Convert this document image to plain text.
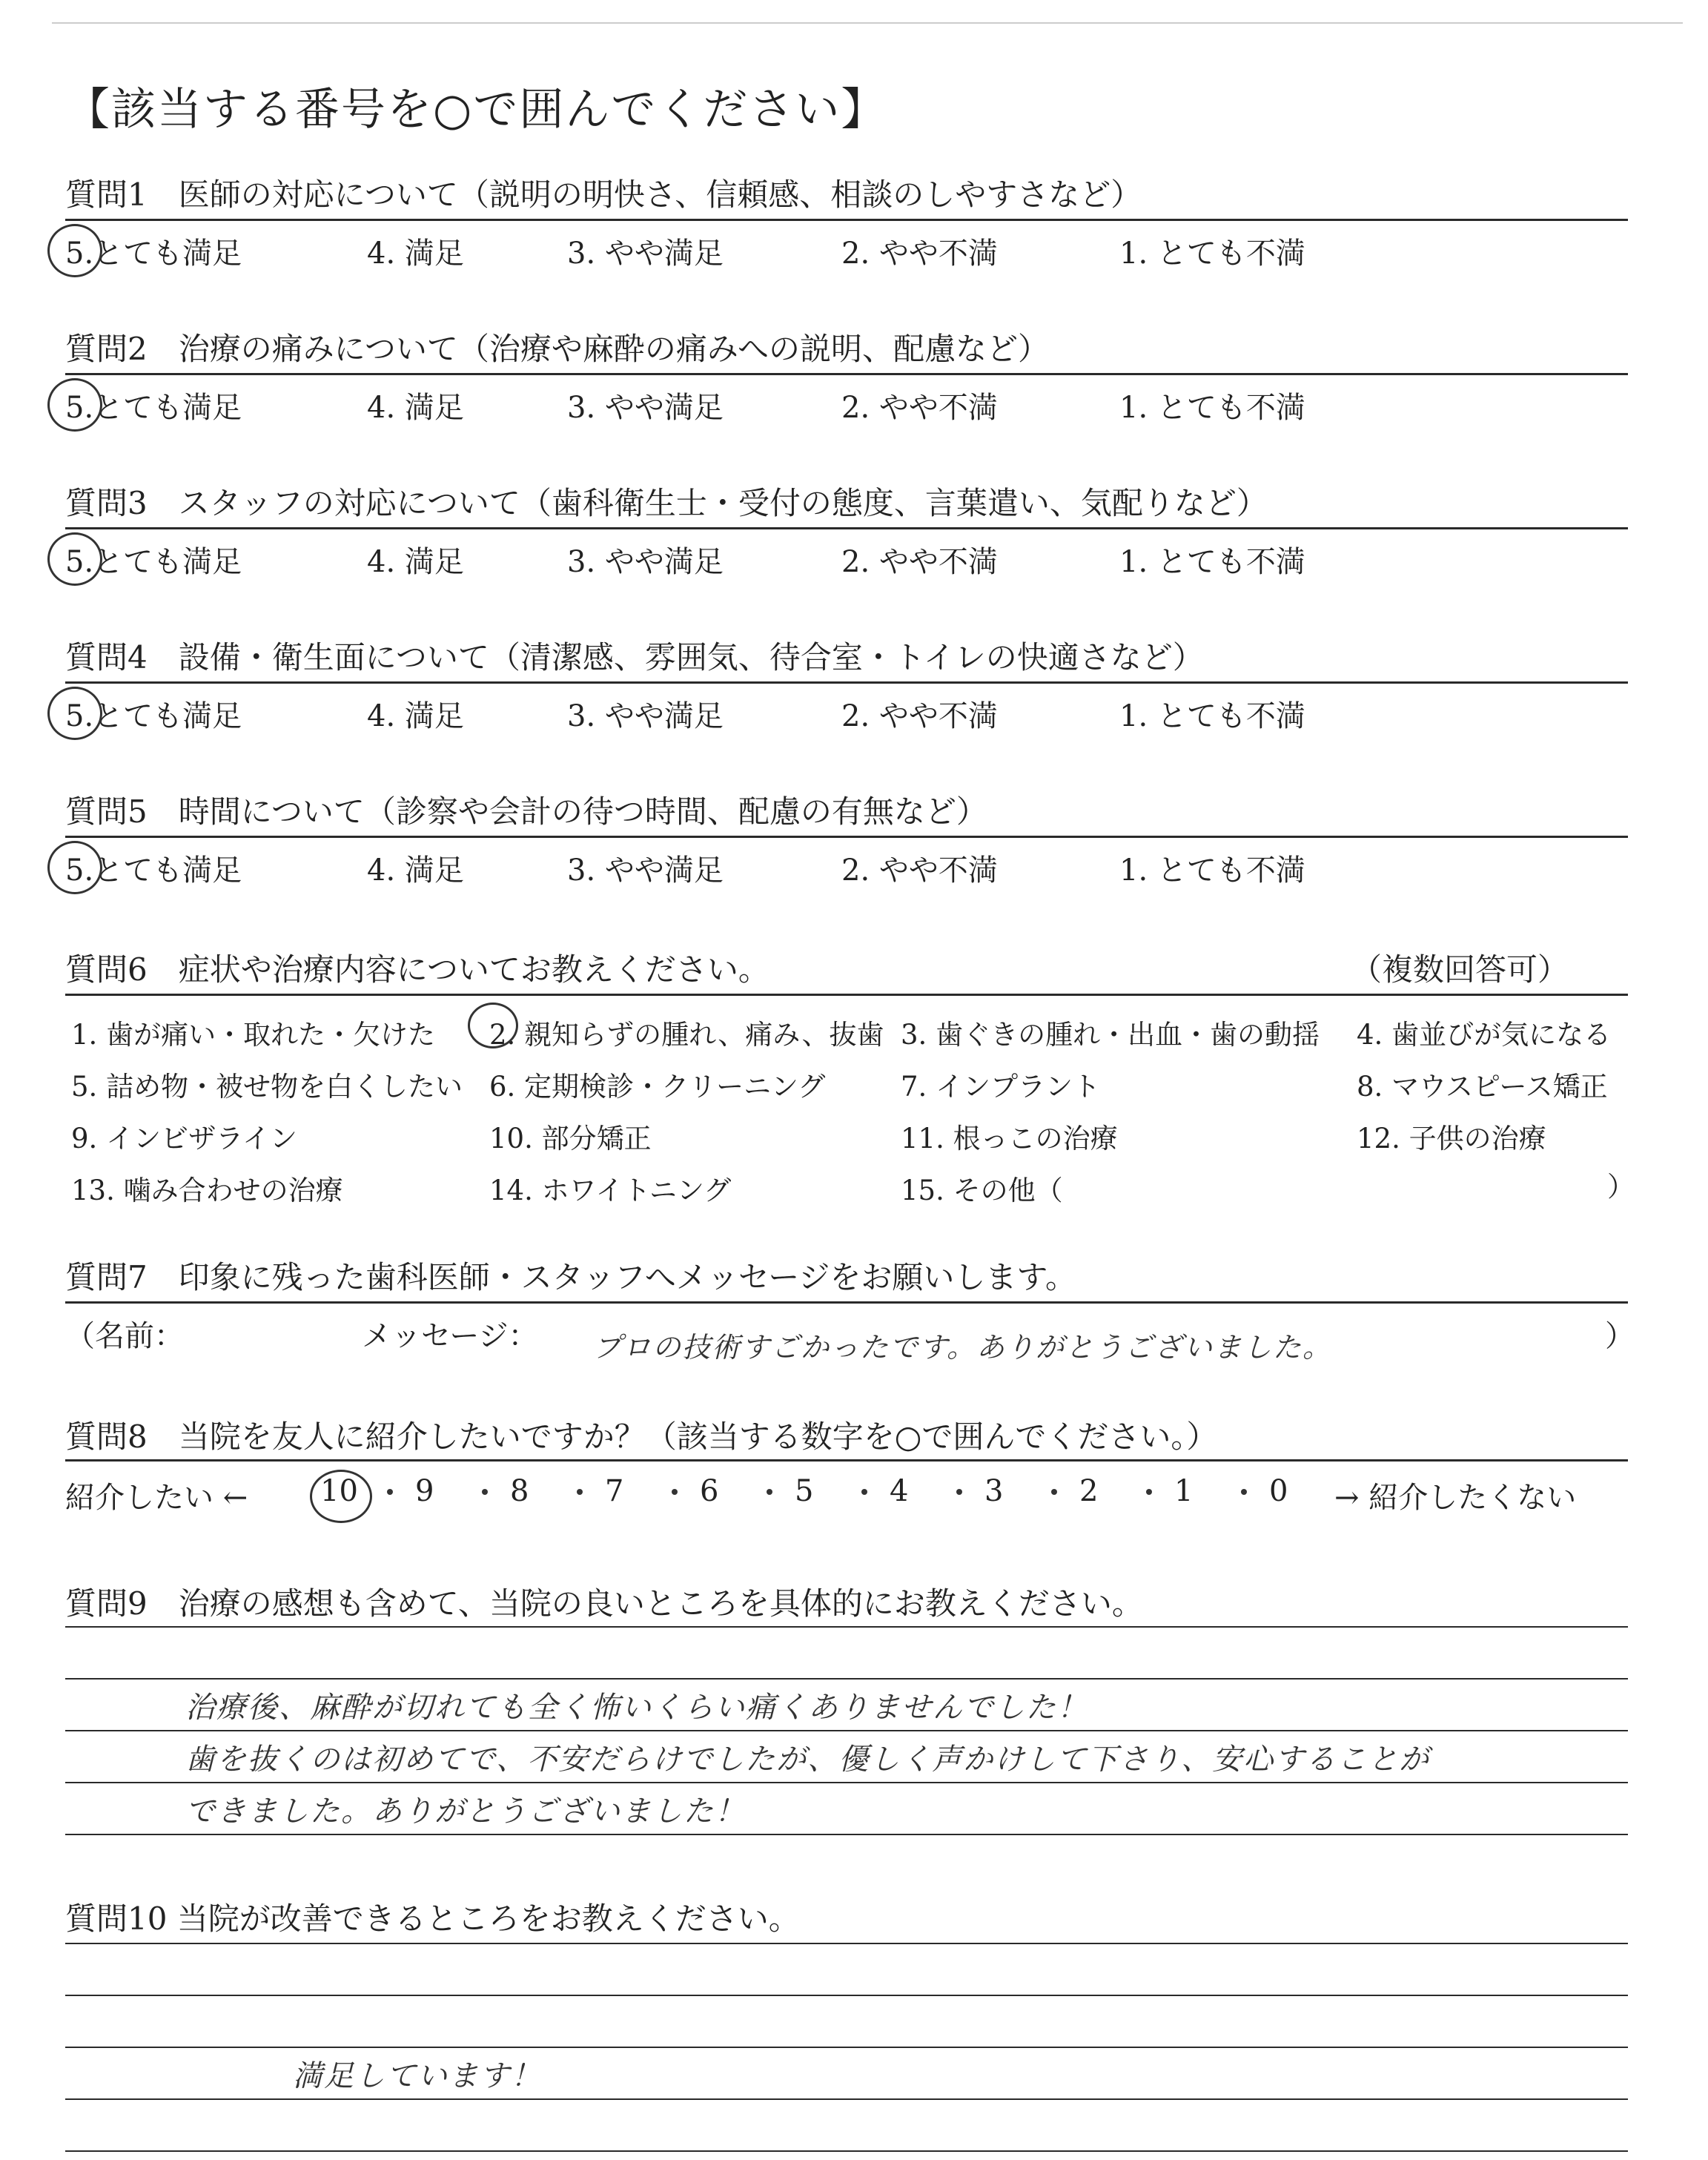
【該当する番号を○で囲んでください】
質問1　医師の対応について（説明の明快さ、信頼感、相談のしやすさなど）
5.とても満足	4. 満足	3. やや満足	2. やや不満	1. とても不満
質問2　治療の痛みについて（治療や麻酔の痛みへの説明、配慮など）
5.とても満足	4. 満足	3. やや満足	2. やや不満	1. とても不満
質問3　スタッフの対応について（歯科衛生士・受付の態度、言葉遣い、気配りなど）
5.とても満足	4. 満足	3. やや満足	2. やや不満	1. とても不満
質問4　設備・衛生面について（清潔感、雰囲気、待合室・トイレの快適さなど）
5.とても満足	4. 満足	3. やや満足	2. やや不満	1. とても不満
質問5　時間について（診察や会計の待つ時間、配慮の有無など）
5.とても満足	4. 満足	3. やや満足	2. やや不満	1. とても不満
質問6　症状や治療内容についてお教えください。	（複数回答可）
1. 歯が痛い・取れた・欠けた 2. 親知らずの腫れ、痛み、抜歯 3. 歯ぐきの腫れ・出血・歯の動揺 4. 歯並びが気になる
5. 詰め物・被せ物を白くしたい 6. 定期検診・クリーニング	7. インプラント	8. マウスピース矯正
9. インビザライン	10. 部分矯正	11. 根っこの治療	12. 子供の治療
13. 噛み合わせの治療	14. ホワイトニング	15. その他（	）
質問7　印象に残った歯科医師・スタッフへメッセージをお願いします。
（名前：	メッセージ： プロの技術すごかったです。ありがとうございました。	）
質問8　当院を友人に紹介したいですか？（該当する数字を○で囲んでください。）
紹介したい ← 10 9	8	7	6	5	4	3	2	1	0 → 紹介したくない
質問9　治療の感想も含めて、当院の良いところを具体的にお教えください。
治療後、麻酔が切れても全く怖いくらい痛くありませんでした！
歯を抜くのは初めてで、不安だらけでしたが、優しく声かけして下さり、安心することが
できました。ありがとうございました！
質問10 当院が改善できるところをお教えください。
満足しています！
